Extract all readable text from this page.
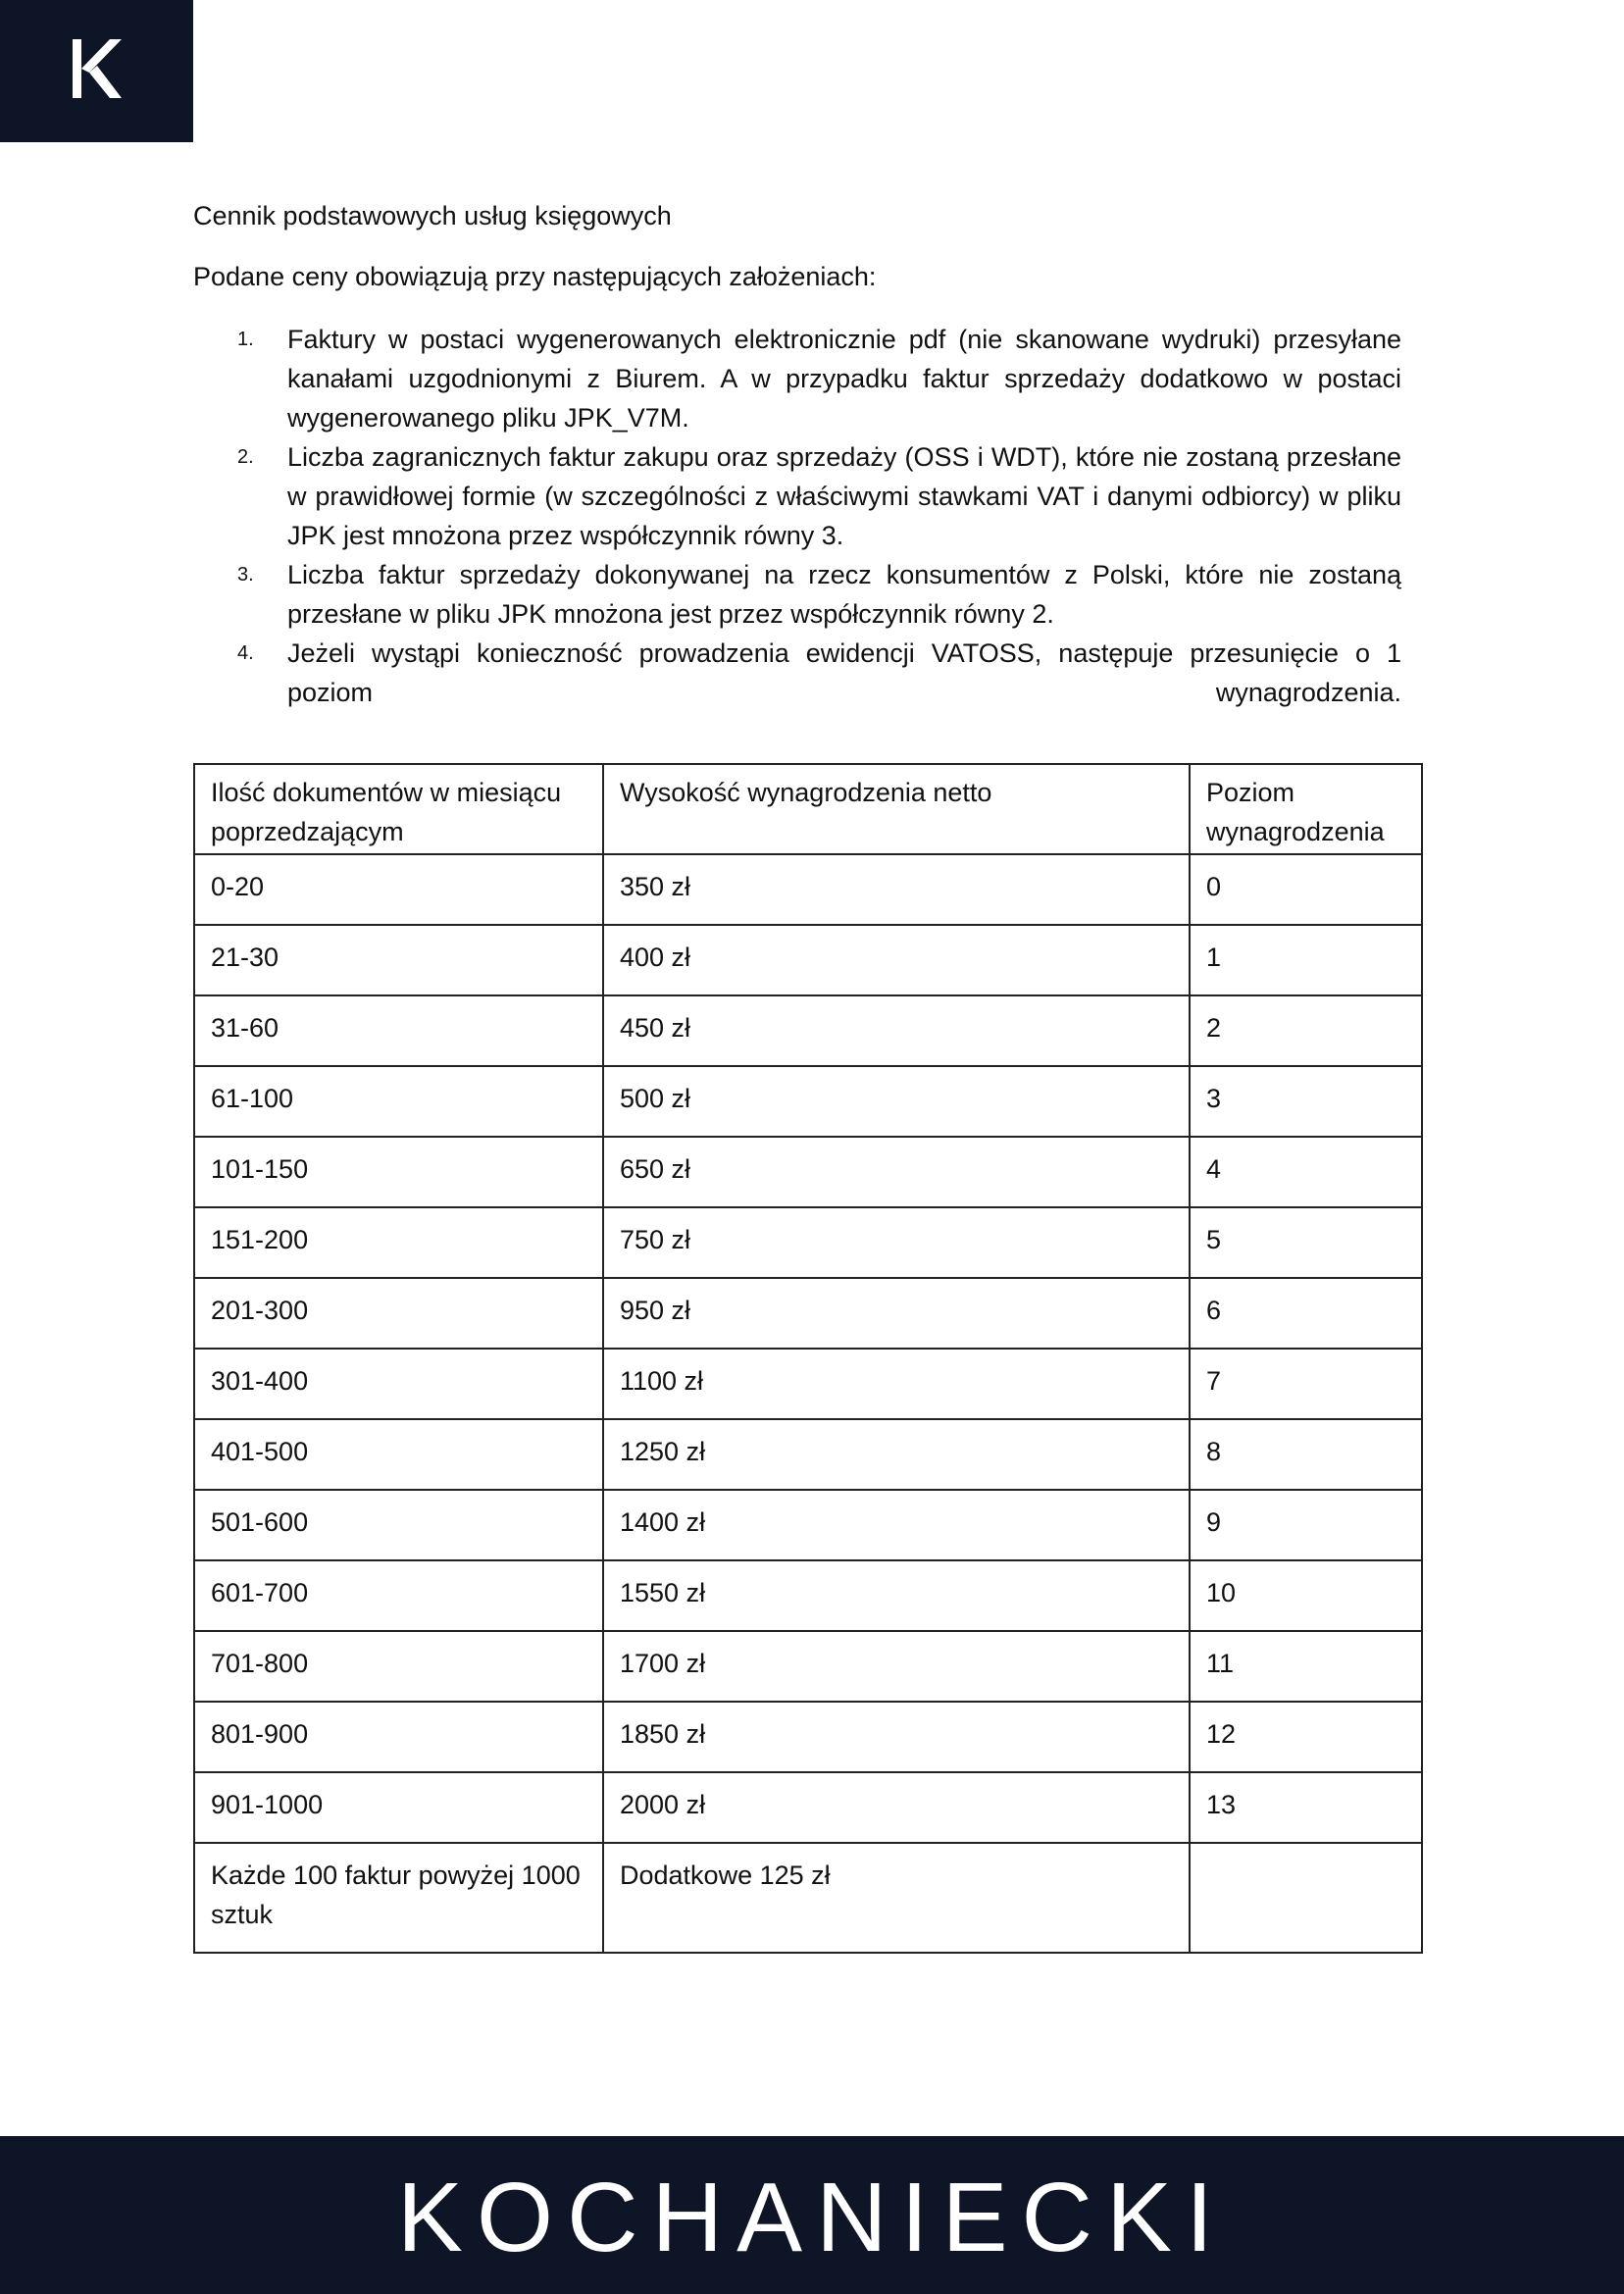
Cennik podstawowych usług księgowych

Podane ceny obowiązują przy następujących założeniach:

1. Faktury w postaci wygenerowanych elektronicznie pdf (nie skanowane wydruki) przesyłane kanałami uzgodnionymi z Biurem. A w przypadku faktur sprzedaży dodatkowo w postaci wygenerowanego pliku JPK_V7M.
2. Liczba zagranicznych faktur zakupu oraz sprzedaży (OSS i WDT), które nie zostaną przesłane w prawidłowej formie (w szczególności z właściwymi stawkami VAT i danymi odbiorcy) w pliku JPK jest mnożona przez współczynnik równy 3.
3. Liczba faktur sprzedaży dokonywanej na rzecz konsumentów z Polski, które nie zostaną przesłane w pliku JPK mnożona jest przez współczynnik równy 2.
4. Jeżeli wystąpi konieczność prowadzenia ewidencji VATOSS, następuje przesunięcie o 1 poziom wynagrodzenia.
Ilość dokumentów w miesiącu poprzedzającym	Wysokość wynagrodzenia netto	Poziom wynagrodzenia
0-20	350 zł	0
21-30	400 zł	1
31-60	450 zł	2
61-100	500 zł	3
101-150	650 zł	4
151-200	750 zł	5
201-300	950 zł	6
301-400	1100 zł	7
401-500	1250 zł	8
501-600	1400 zł	9
601-700	1550 zł	10
701-800	1700 zł	11
801-900	1850 zł	12
901-1000	2000 zł	13
Każde 100 faktur powyżej 1000 sztuk	Dodatkowe 125 zł	
KOCHANIECKI
